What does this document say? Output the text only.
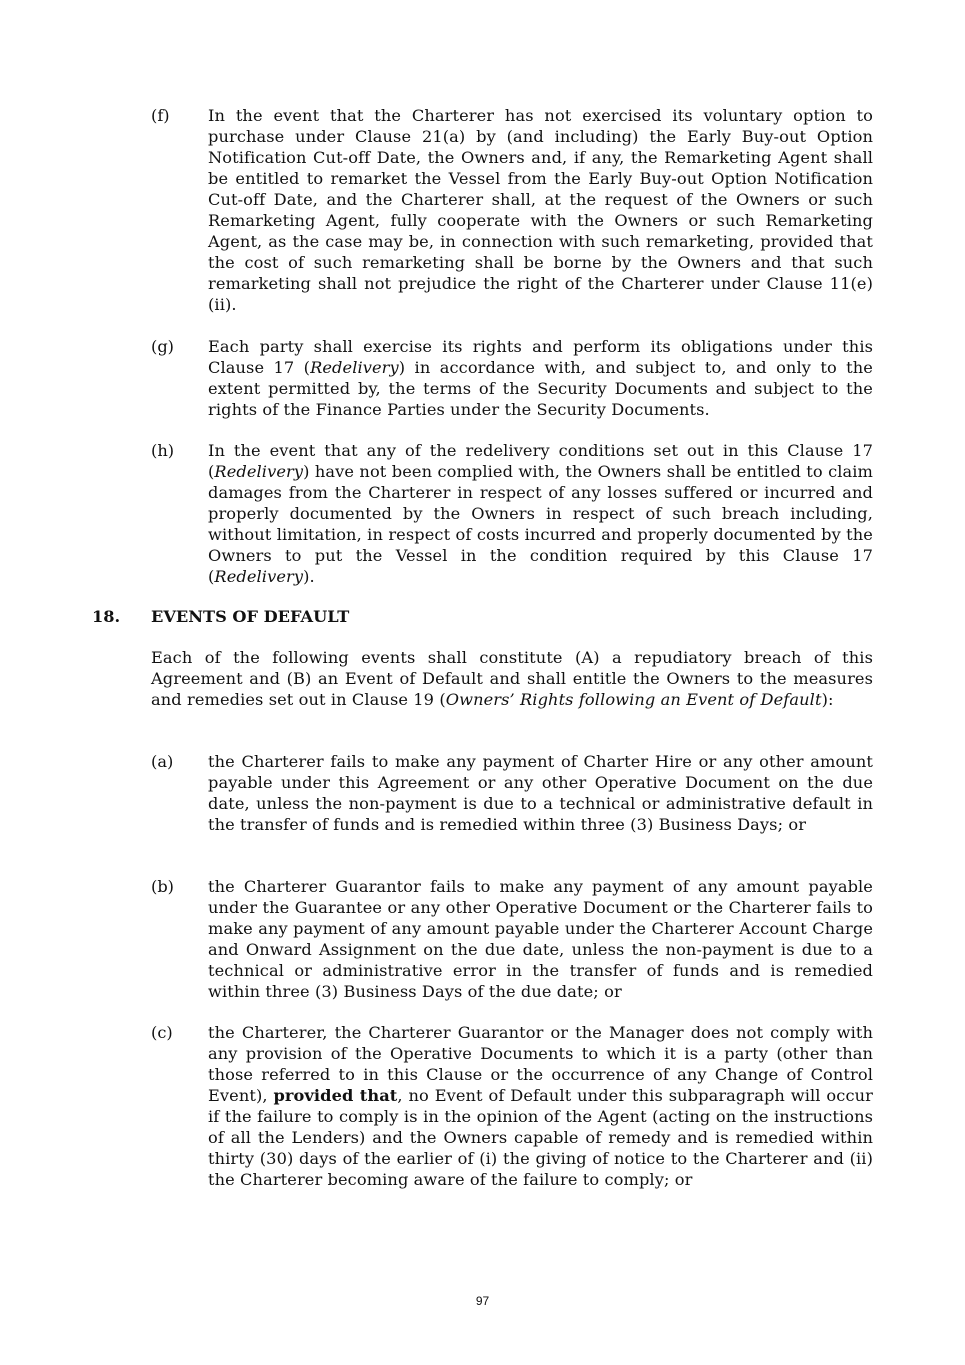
(f) In the event that the Charterer has not exercised its voluntary option to purchase under Clause 21(a) by (and including) the Early Buy-out Option Notification Cut-off Date, the Owners and, if any, the Remarketing Agent shall be entitled to remarket the Vessel from the Early Buy-out Option Notification Cut-off Date, and the Charterer shall, at the request of the Owners or such Remarketing Agent, fully cooperate with the Owners or such Remarketing Agent, as the case may be, in connection with such remarketing, provided that the cost of such remarketing shall be borne by the Owners and that such remarketing shall not prejudice the right of the Charterer under Clause 11(e)(ii).
(g) Each party shall exercise its rights and perform its obligations under this Clause 17 (Redelivery) in accordance with, and subject to, and only to the extent permitted by, the terms of the Security Documents and subject to the rights of the Finance Parties under the Security Documents.
(h) In the event that any of the redelivery conditions set out in this Clause 17 (Redelivery) have not been complied with, the Owners shall be entitled to claim damages from the Charterer in respect of any losses suffered or incurred and properly documented by the Owners in respect of such breach including, without limitation, in respect of costs incurred and properly documented by the Owners to put the Vessel in the condition required by this Clause 17 (Redelivery).
18. EVENTS OF DEFAULT
Each of the following events shall constitute (A) a repudiatory breach of this Agreement and (B) an Event of Default and shall entitle the Owners to the measures and remedies set out in Clause 19 (Owners’ Rights following an Event of Default):
(a) the Charterer fails to make any payment of Charter Hire or any other amount payable under this Agreement or any other Operative Document on the due date, unless the non-payment is due to a technical or administrative default in the transfer of funds and is remedied within three (3) Business Days; or
(b) the Charterer Guarantor fails to make any payment of any amount payable under the Guarantee or any other Operative Document or the Charterer fails to make any payment of any amount payable under the Charterer Account Charge and Onward Assignment on the due date, unless the non-payment is due to a technical or administrative error in the transfer of funds and is remedied within three (3) Business Days of the due date; or
(c) the Charterer, the Charterer Guarantor or the Manager does not comply with any provision of the Operative Documents to which it is a party (other than those referred to in this Clause or the occurrence of any Change of Control Event), provided that, no Event of Default under this subparagraph will occur if the failure to comply is in the opinion of the Agent (acting on the instructions of all the Lenders) and the Owners capable of remedy and is remedied within thirty (30) days of the earlier of (i) the giving of notice to the Charterer and (ii) the Charterer becoming aware of the failure to comply; or
97
